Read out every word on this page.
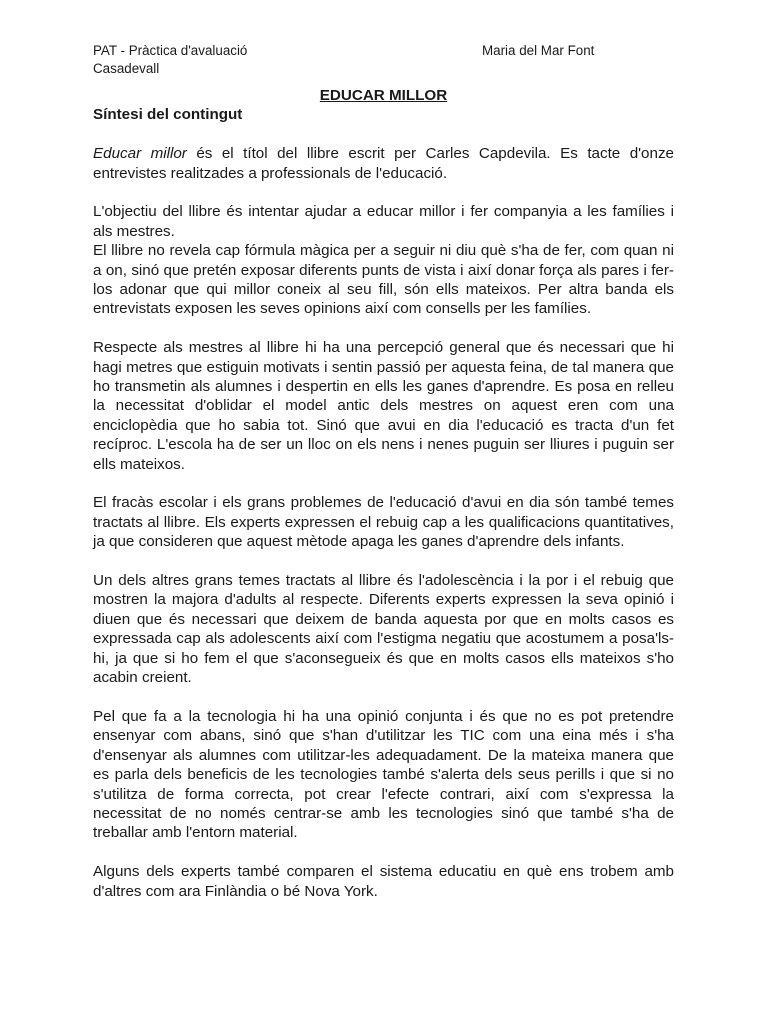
PAT - Pràctica d'avaluació
Casadevall
Maria del Mar Font
EDUCAR MILLOR
Síntesi del contingut

Educar millor és el títol del llibre escrit per Carles Capdevila. Es tacte d'onze entrevistes realitzades a professionals de l'educació.

L'objectiu del llibre és intentar ajudar a educar millor i fer companyia a les famílies i als mestres.

El llibre no revela cap fórmula màgica per a seguir ni diu què s'ha de fer, com quan ni a on, sinó que pretén exposar diferents punts de vista i així donar força als pares i fer-los adonar que qui millor coneix al seu fill, són ells mateixos. Per altra banda els entrevistats exposen les seves opinions així com consells per les famílies.

Respecte als mestres al llibre hi ha una percepció general que és necessari que hi hagi metres que estiguin motivats i sentin passió per aquesta feina, de tal manera que ho transmetin als alumnes i despertin en ells les ganes d'aprendre. Es posa en relleu la necessitat d'oblidar el model antic dels mestres on aquest eren com una enciclopèdia que ho sabia tot. Sinó que avui en dia l'educació es tracta d'un fet recíproc. L'escola ha de ser un lloc on els nens i nenes puguin ser lliures i puguin ser ells mateixos.

El fracàs escolar i els grans problemes de l'educació d'avui en dia són també temes tractats al llibre. Els experts expressen el rebuig cap a les qualificacions quantitatives, ja que consideren que aquest mètode apaga les ganes d'aprendre dels infants.

Un dels altres grans temes tractats al llibre és l'adolescència i la por i el rebuig que mostren la majora d'adults al respecte. Diferents experts expressen la seva opinió i diuen que és necessari que deixem de banda aquesta por que en molts casos es expressada cap als adolescents així com l'estigma negatiu que acostumem a posa'ls-hi, ja que si ho fem el que s'aconsegueix és que en molts casos ells mateixos s'ho acabin creient.

Pel que fa a la tecnologia hi ha una opinió conjunta i és que no es pot pretendre ensenyar com abans, sinó que s'han d'utilitzar les TIC com una eina més i s'ha d'ensenyar als alumnes com utilitzar-les adequadament. De la mateixa manera que es parla dels beneficis de les tecnologies també s'alerta dels seus perills i que si no s'utilitza de forma correcta, pot crear l'efecte contrari, així com s'expressa la necessitat de no només centrar-se amb les tecnologies sinó que també s'ha de treballar amb l'entorn material.

Alguns dels experts també comparen el sistema educatiu en què ens trobem amb d'altres com ara Finlàndia o bé Nova York.
